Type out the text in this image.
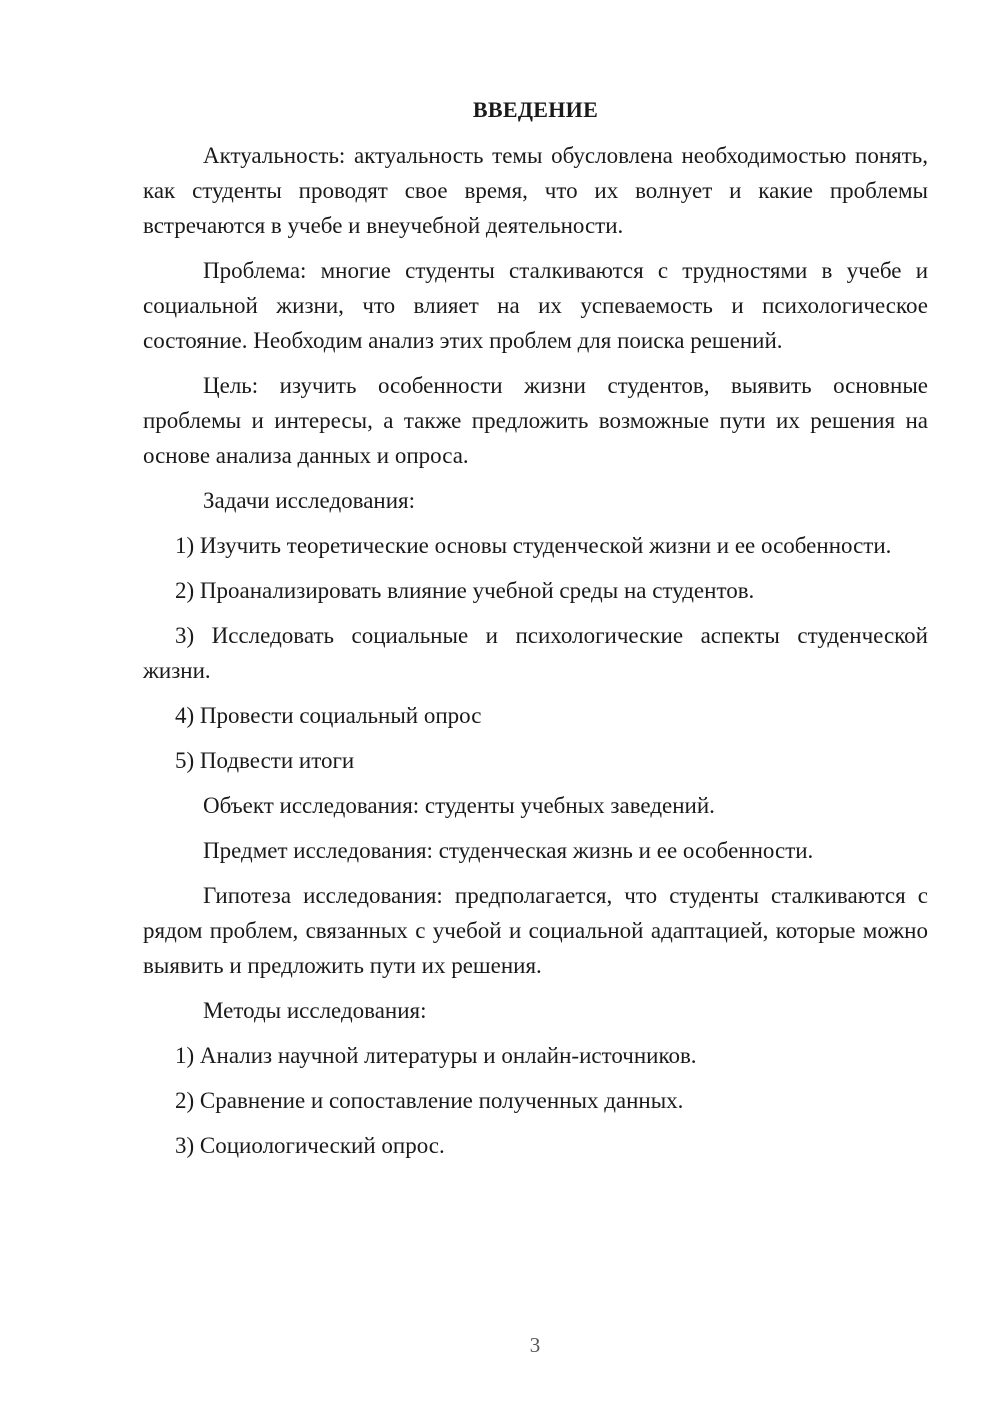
ВВЕДЕНИЕ
Актуальность: актуальность темы обусловлена необходимостью понять, как студенты проводят свое время, что их волнует и какие проблемы встречаются в учебе и внеучебной деятельности.
Проблема: многие студенты сталкиваются с трудностями в учебе и социальной жизни, что влияет на их успеваемость и психологическое состояние. Необходим анализ этих проблем для поиска решений.
Цель: изучить особенности жизни студентов, выявить основные проблемы и интересы, а также предложить возможные пути их решения на основе анализа данных и опроса.
Задачи исследования:
1) Изучить теоретические основы студенческой жизни и ее особенности.
2) Проанализировать влияние учебной среды на студентов.
3) Исследовать социальные и психологические аспекты студенческой жизни.
4) Провести социальный опрос
5) Подвести итоги
Объект исследования: студенты учебных заведений.
Предмет исследования: студенческая жизнь и ее особенности.
Гипотеза исследования: предполагается, что студенты сталкиваются с рядом проблем, связанных с учебой и социальной адаптацией, которые можно выявить и предложить пути их решения.
Методы исследования:
1) Анализ научной литературы и онлайн-источников.
2) Сравнение и сопоставление полученных данных.
3) Социологический опрос.
3
